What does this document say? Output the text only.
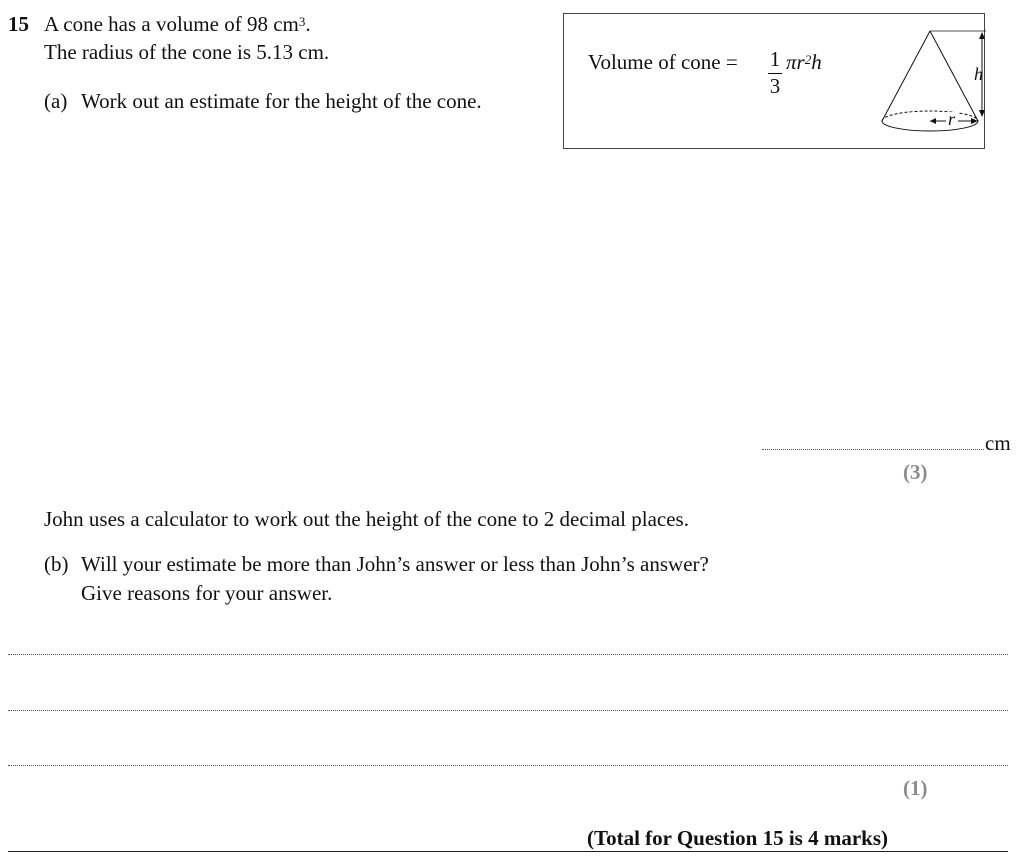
15 A cone has a volume of 98 $cm^3$.
The radius of the cone is 5.13 cm.
(a) Work out an estimate for the height of the cone.
Volume of cone = 1
3
$\pi r^2h$	h
r
cm
(3)
John uses a calculator to work out the height of the cone to 2 decimal places.
(b) Will your estimate be more than John’s answer or less than John’s answer?
Give reasons for your answer.
(1)
(Total for Question 15 is 4 marks)
